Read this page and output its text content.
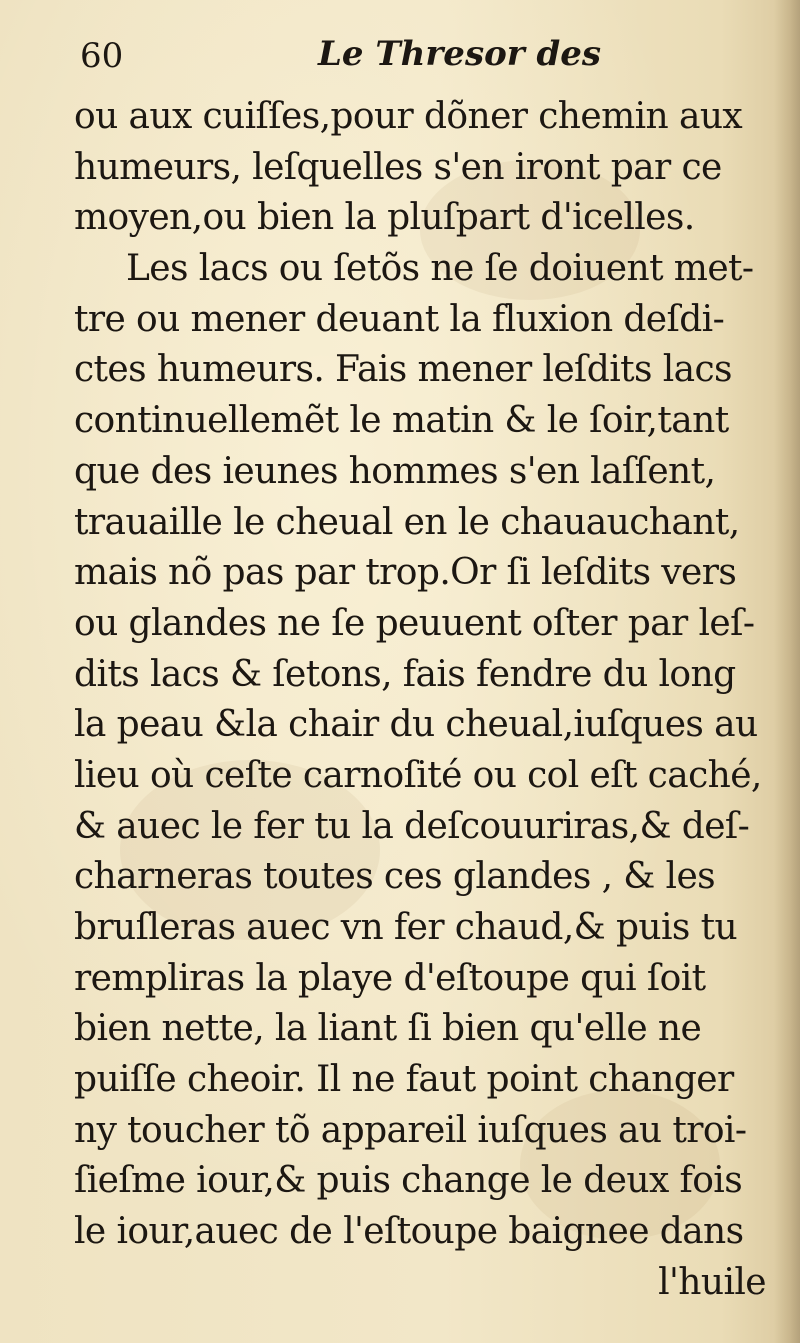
60	Le Thresor des
ou aux cuiſſes,pour dõner chemin aux
humeurs, leſquelles s'en iront par ce
moyen,ou bien la pluſpart d'icelles.
Les lacs ou ſetõs ne ſe doiuent met-
tre ou mener deuant la fluxion deſdi-
ctes humeurs. Fais mener leſdits lacs
continuellemẽt le matin & le ſoir,tant
que des ieunes hommes s'en laſſent,
trauaille le cheual en le chauauchant,
mais nõ pas par trop.Or ſi leſdits vers
ou glandes ne ſe peuuent oſter par leſ-
dits lacs & ſetons, fais fendre du long
la peau &la chair du cheual,iuſques au
lieu où ceſte carnoſité ou col eſt caché,
& auec le fer tu la deſcouuriras,& deſ-
charneras toutes ces glandes , & les
bruſleras auec vn fer chaud,& puis tu
rempliras la playe d'eſtoupe qui ſoit
bien nette, la liant ſi bien qu'elle ne
puiſſe cheoir. Il ne faut point changer
ny toucher tõ appareil iuſques au troi-
ſieſme iour,& puis change le deux fois
le iour,auec de l'eſtoupe baignee dans
l'huile
